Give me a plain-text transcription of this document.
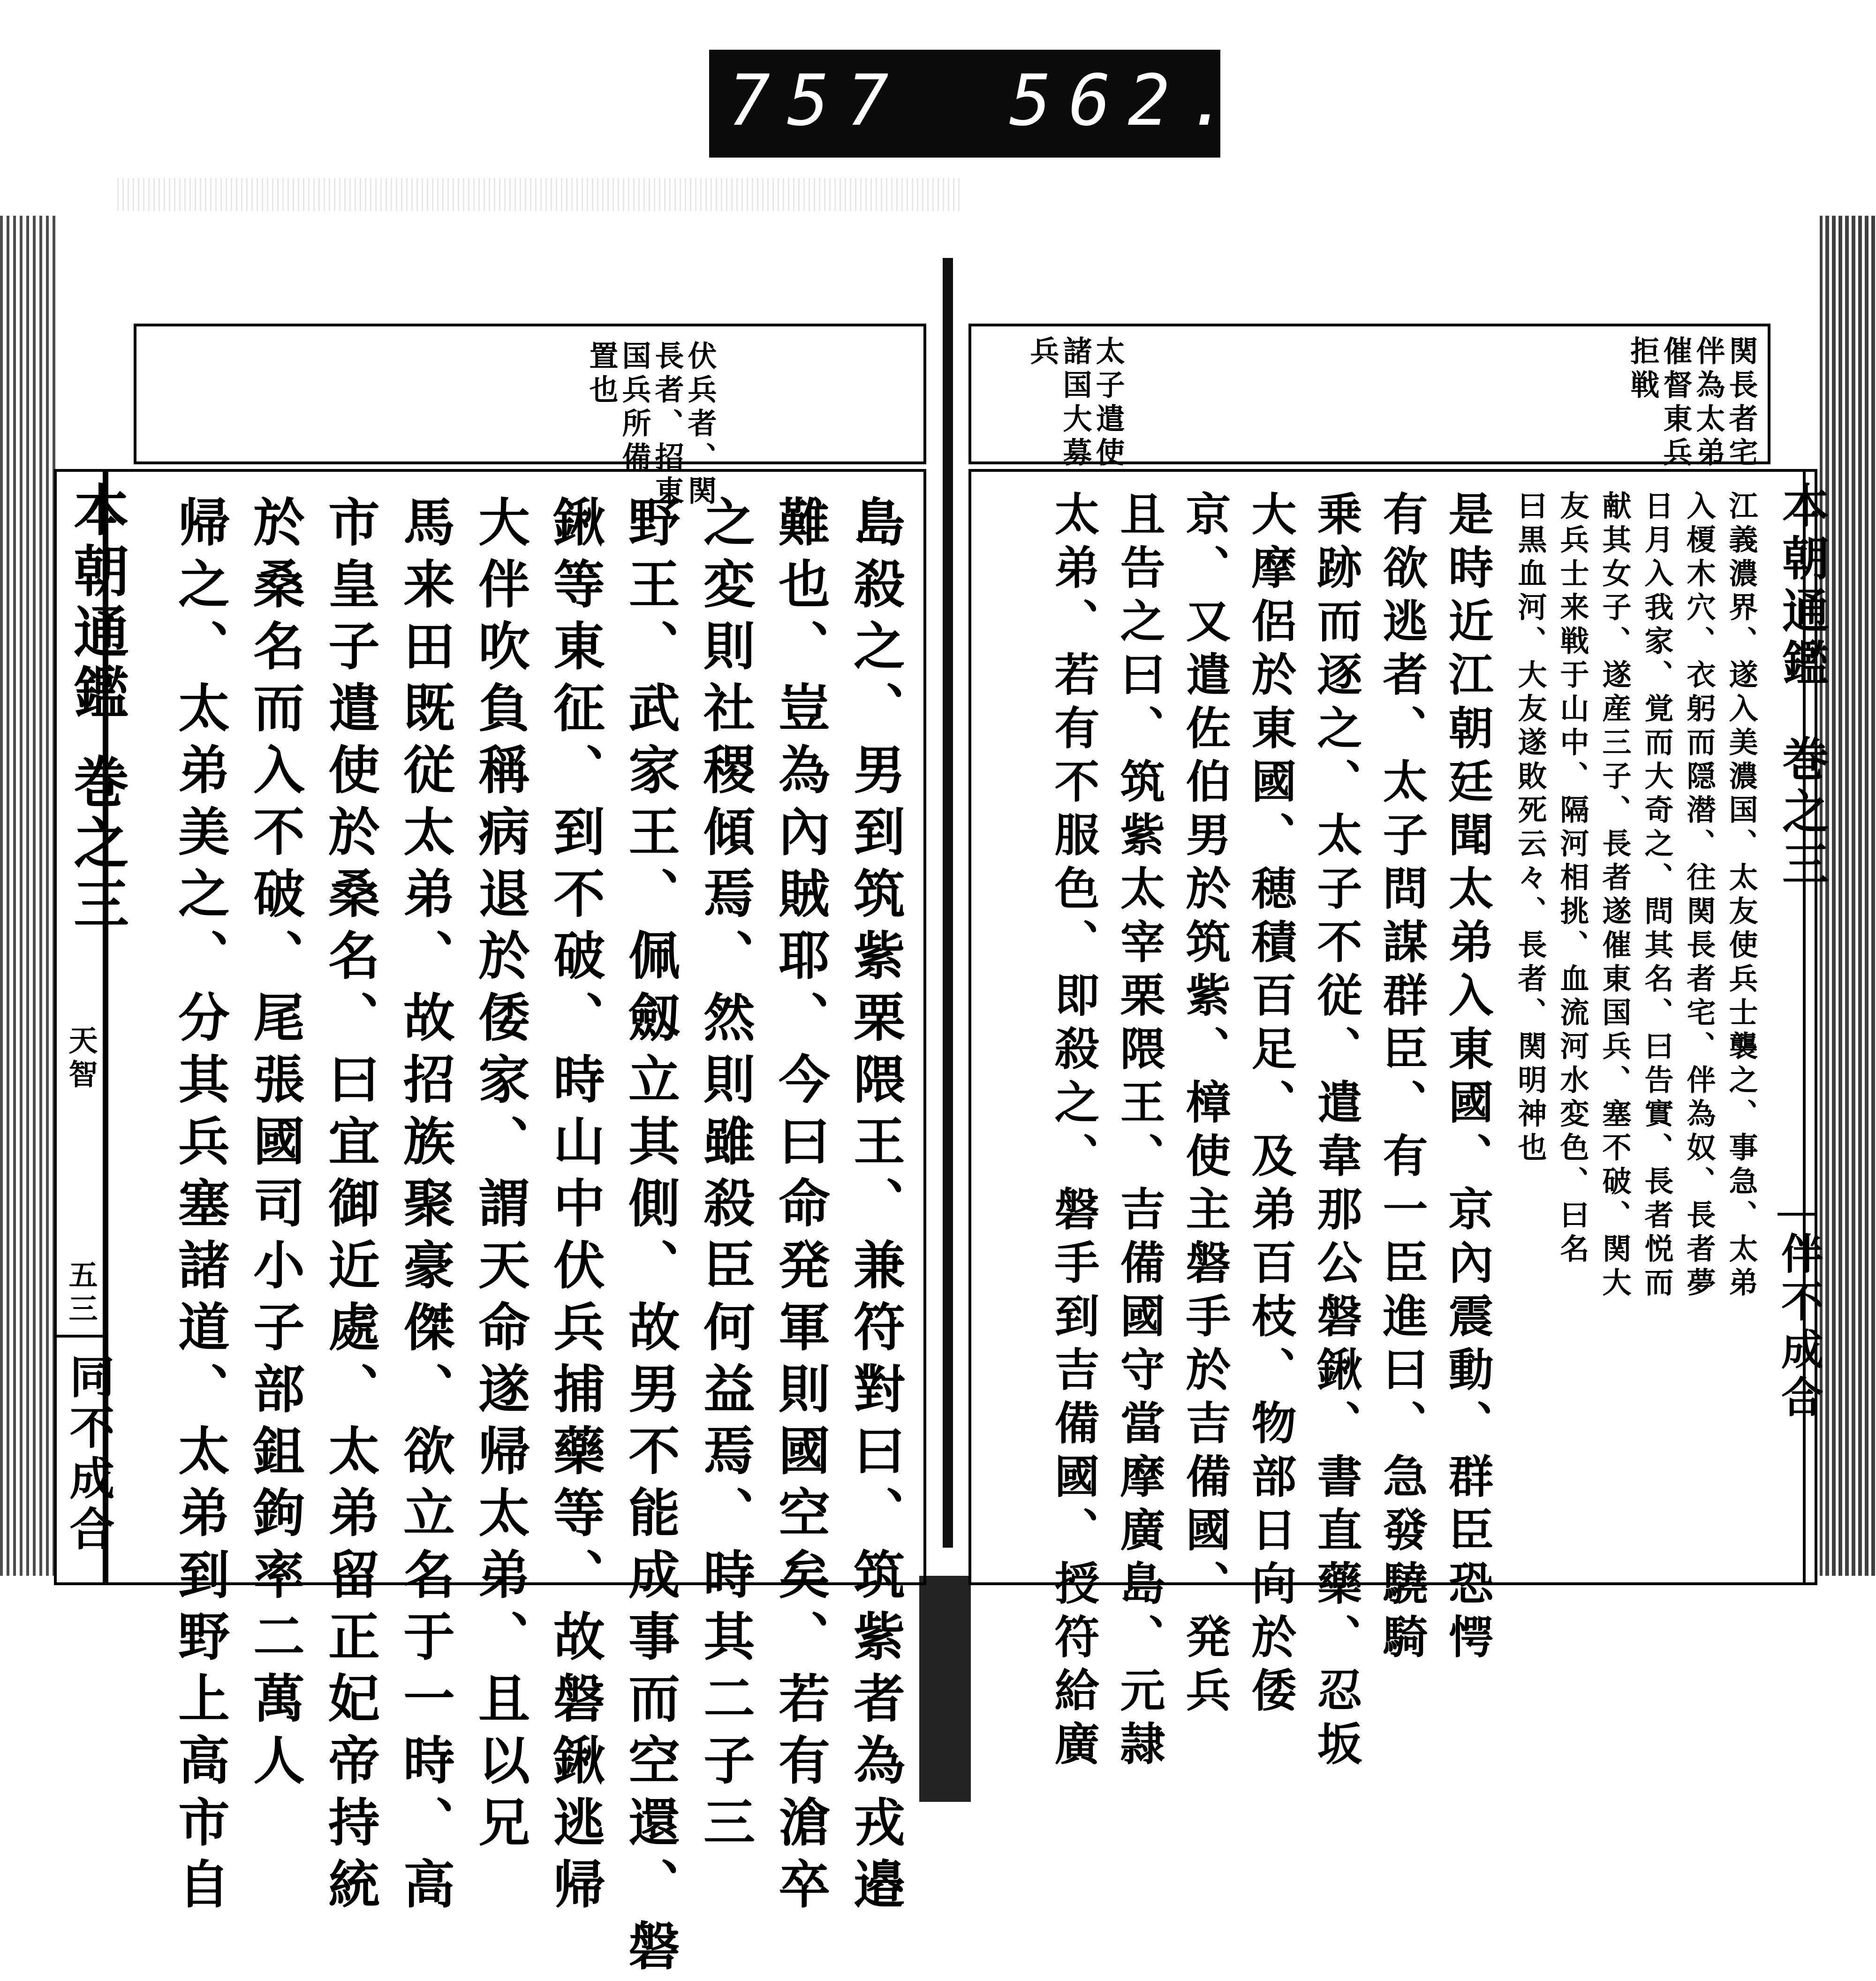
757 562.
本朝通鑑
巻之三
天智
五三
同不成合
伏兵者、関
長者、招東
国兵所備
置也
島殺之、男到筑紫栗隈王、兼符對曰、筑紫者為戎邉
難也、豈為內賊耶、今曰命発軍則國空矣、若有滄卒
之変則社稷傾焉、然則雖殺臣何益焉、時其二子三
野王、武家王、佩劔立其側、故男不能成事而空還、磐
鍬等東征、到不破、時山中伏兵捕藥等、故磐鍬逃帰
大伴吹負稱病退於倭家、謂天命遂帰太弟、且以兄
馬来田既従太弟、故招族聚豪傑、欲立名于一時、高
市皇子遣使於桑名、曰宜御近處、太弟留正妃帝持統
於桑名而入不破、尾張國司小子部鉏鉤率二萬人
帰之、太弟美之、分其兵塞諸道、太弟到野上高市自
関長者宅
伴為太弟
催督東兵
拒戦
太子遣使
諸国大募
兵
江義濃界、遂入美濃国、太友使兵士襲之、事急、太弟
入榎木穴、衣躬而隠潜、往関長者宅、伴為奴、長者夢
日月入我家、覚而大奇之、問其名、曰告實、長者悦而
献其女子、遂産三子、長者遂催東国兵、塞不破、関大
友兵士来戦于山中、隔河相挑、血流河水変色、曰名
曰黒血河、大友遂敗死云々、長者、関明神也
是時近江朝廷聞太弟入東國、京內震動、群臣恐愕
有欲逃者、太子問謀群臣、有一臣進曰、急發驍騎
乗跡而逐之、太子不従、遣韋那公磐鍬、書直藥、忍坂
大摩侶於東國、穂積百足、及弟百枝、物部日向於倭
京、又遣佐伯男於筑紫、樟使主磐手於吉備國、発兵
且告之曰、筑紫太宰栗隈王、吉備國守當摩廣島、元隷
太弟、若有不服色、即殺之、磐手到吉備國、授符給廣	本朝通鑑
巻之三
伴不成合
